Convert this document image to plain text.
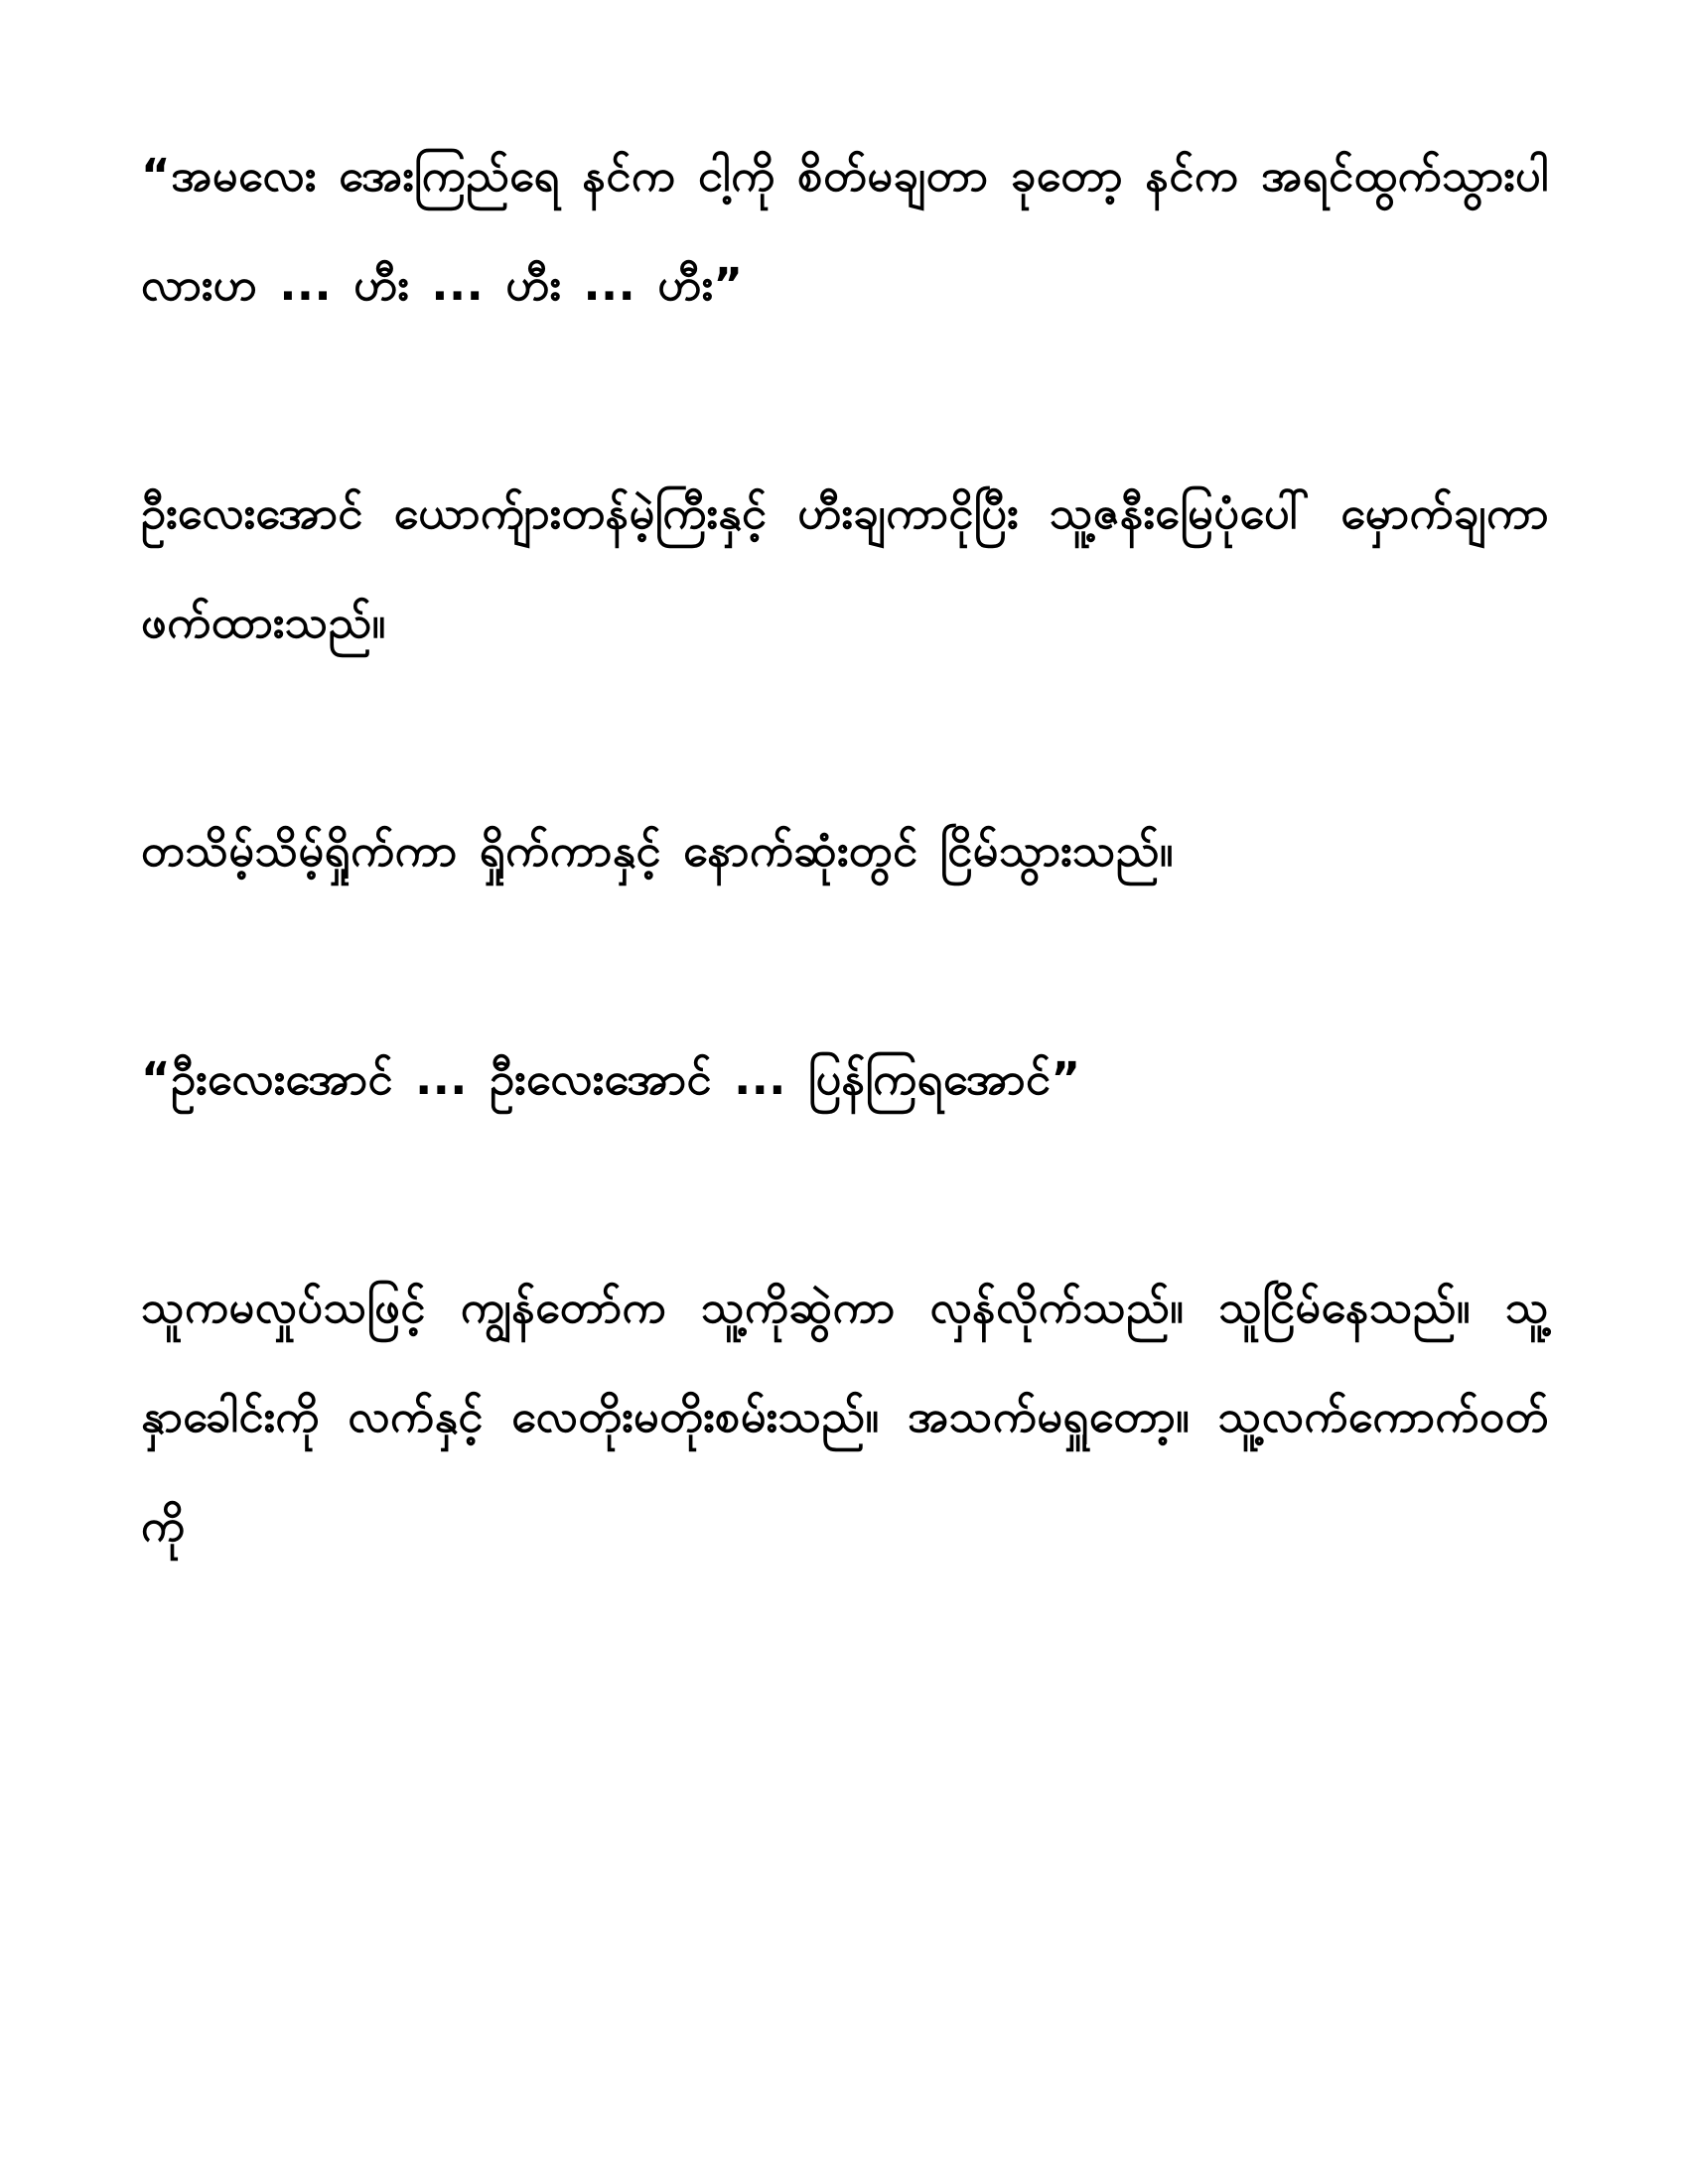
“အမလေး အေးကြည်ရေ နင်က ငါ့ကို စိတ်မချတာ ခုတော့ နင်က အရင်ထွက်သွားပါလားဟ ... ဟီး ... ဟီး ... ဟီး”

ဦးလေးအောင် ယောက်ျားတန်မဲ့ကြီးနှင့် ဟီးချကာငိုပြီး သူ့ဇနီးမြေပုံပေါ် မှောက်ချကာ ဖက်ထားသည်။

တသိမ့်သိမ့်ရှိုက်ကာ ရှိုက်ကာနှင့် နောက်ဆုံးတွင် ငြိမ်သွားသည်။

“ဦးလေးအောင် ... ဦးလေးအောင် ... ပြန်ကြရအောင်”

သူကမလှုပ်သဖြင့် ကျွန်တော်က သူ့ကိုဆွဲကာ လှန်လိုက်သည်။ သူငြိမ်နေသည်။ သူ့နှာခေါင်းကို လက်နှင့် လေတိုးမတိုးစမ်းသည်။ အသက်မရှူတော့။ သူ့လက်ကောက်ဝတ်ကို
